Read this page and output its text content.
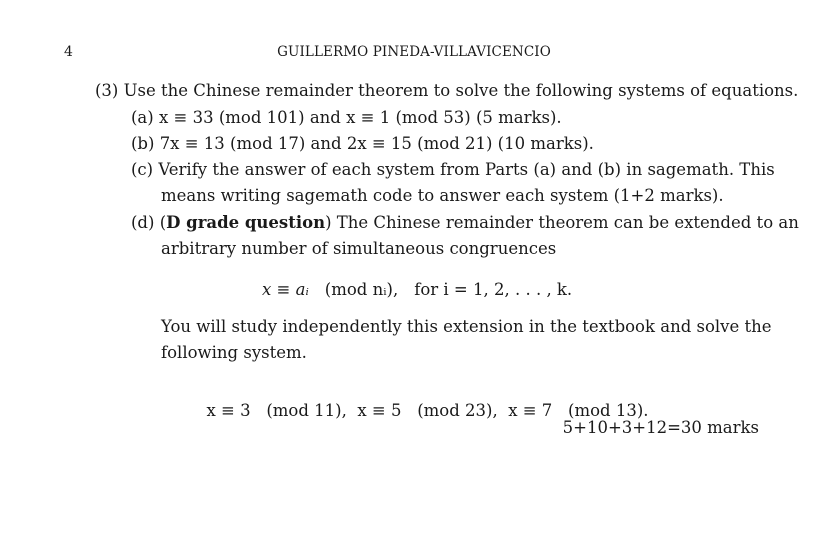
4	GUILLERMO PINEDA-VILLAVICENCIO
(3) Use the Chinese remainder theorem to solve the following systems of equations.
(a) x ≡ 33 (mod 101) and x ≡ 1 (mod 53) (5 marks).
(b) 7x ≡ 13 (mod 17) and 2x ≡ 15 (mod 21) (10 marks).
(c) Verify the answer of each system from Parts (a) and (b) in sagemath. This
means writing sagemath code to answer each system (1+2 marks).
(d) (D grade question) The Chinese remainder theorem can be extended to an
arbitrary number of simultaneous congruences
x ≡ aᵢ (mod nᵢ), for i = 1, 2, . . . , k.
You will study independently this extension in the textbook and solve the
following system.

x ≡ 3   (mod 11),  x ≡ 5   (mod 23),  x ≡ 7   (mod 13).

5+10+3+12=30 marks
